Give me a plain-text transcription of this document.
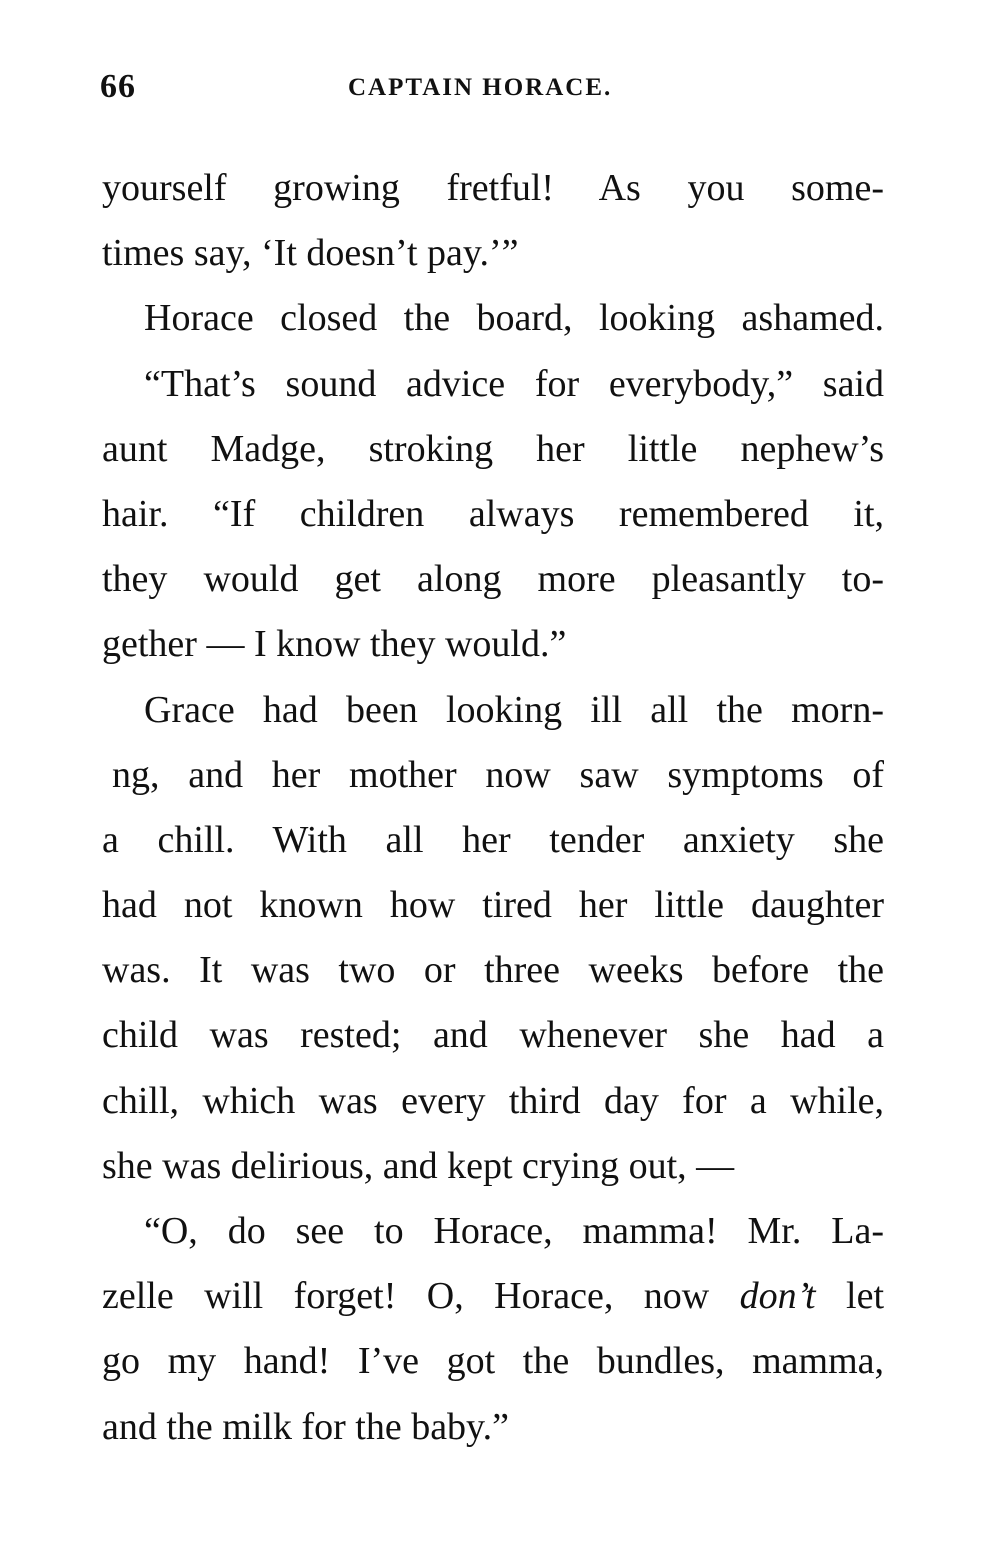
66	CAPTAIN HORACE.
yourself growing fretful! As you some-
times say, ‘It doesn’t pay.’”
Horace closed the board, looking ashamed.
“That’s sound advice for everybody,” said
aunt Madge, stroking her little nephew’s
hair. “If children always remembered it,
they would get along more pleasantly to-
gether — I know they would.”
Grace had been looking ill all the morn-
ng, and her mother now saw symptoms of
a chill. With all her tender anxiety she
had not known how tired her little daughter
was. It was two or three weeks before the
child was rested; and whenever she had a
chill, which was every third day for a while,
she was delirious, and kept crying out, —
“O, do see to Horace, mamma! Mr. La-
zelle will forget! O, Horace, now don’t let
go my hand! I’ve got the bundles, mamma,
and the milk for the baby.”
